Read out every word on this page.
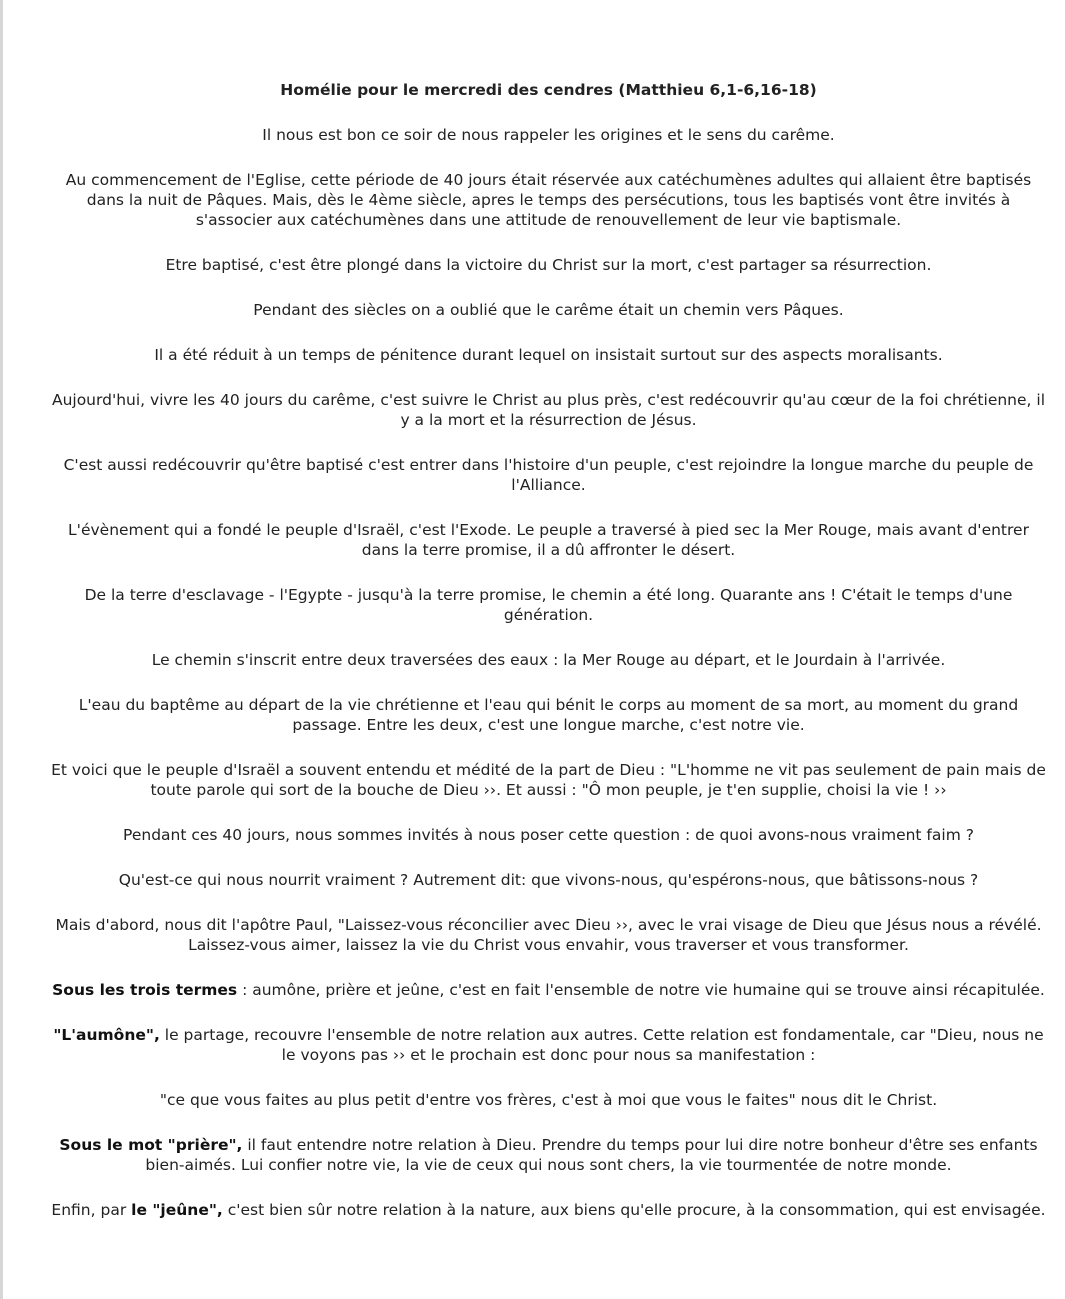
Homélie pour le mercredi des cendres (Matthieu 6,1-6,16-18)
Il nous est bon ce soir de nous rappeler les origines et le sens du carême.
Au commencement de l'Eglise, cette période de 40 jours était réservée aux catéchumènes adultes qui allaient être baptisés dans la nuit de Pâques. Mais, dès le 4ème siècle, apres le temps des persécutions, tous les baptisés vont être invités à s'associer aux catéchumènes dans une attitude de renouvellement de leur vie baptismale.
Etre baptisé, c'est être plongé dans la victoire du Christ sur la mort, c'est partager sa résurrection.
Pendant des siècles on a oublié que le carême était un chemin vers Pâques.
Il a été réduit à un temps de pénitence durant lequel on insistait surtout sur des aspects moralisants.
Aujourd'hui, vivre les 40 jours du carême, c'est suivre le Christ au plus près, c'est redécouvrir qu'au cœur de la foi chrétienne, il y a la mort et la résurrection de Jésus.
C'est aussi redécouvrir qu'être baptisé c'est entrer dans l'histoire d'un peuple, c'est rejoindre la longue marche du peuple de l'Alliance.
L'évènement qui a fondé le peuple d'Israël, c'est l'Exode. Le peuple a traversé à pied sec la Mer Rouge, mais avant d'entrer dans la terre promise, il a dû affronter le désert.
De la terre d'esclavage - l'Egypte - jusqu'à la terre promise, le chemin a été long. Quarante ans ! C'était le temps d'une génération.
Le chemin s'inscrit entre deux traversées des eaux : la Mer Rouge au départ, et le Jourdain à l'arrivée.
L'eau du baptême au départ de la vie chrétienne et l'eau qui bénit le corps au moment de sa mort, au moment du grand passage. Entre les deux, c'est une longue marche, c'est notre vie.
Et voici que le peuple d'Israël a souvent entendu et médité de la part de Dieu : "L'homme ne vit pas seulement de pain mais de toute parole qui sort de la bouche de Dieu ››. Et aussi : "Ô mon peuple, je t'en supplie, choisi la vie ! ››
Pendant ces 40 jours, nous sommes invités à nous poser cette question : de quoi avons-nous vraiment faim ?
Qu'est-ce qui nous nourrit vraiment ? Autrement dit: que vivons-nous, qu'espérons-nous, que bâtissons-nous ?
Mais d'abord, nous dit l'apôtre Paul, "Laissez-vous réconcilier avec Dieu ››, avec le vrai visage de Dieu que Jésus nous a révélé. Laissez-vous aimer, laissez la vie du Christ vous envahir, vous traverser et vous transformer.
Sous les trois termes : aumône, prière et jeûne, c'est en fait l'ensemble de notre vie humaine qui se trouve ainsi récapitulée.
"L'aumône", le partage, recouvre l'ensemble de notre relation aux autres. Cette relation est fondamentale, car "Dieu, nous ne le voyons pas ›› et le prochain est donc pour nous sa manifestation :
"ce que vous faites au plus petit d'entre vos frères, c'est à moi que vous le faites" nous dit le Christ.
Sous le mot "prière", il faut entendre notre relation à Dieu. Prendre du temps pour lui dire notre bonheur d'être ses enfants bien-aimés. Lui confier notre vie, la vie de ceux qui nous sont chers, la vie tourmentée de notre monde.
Enfin, par le "jeûne", c'est bien sûr notre relation à la nature, aux biens qu'elle procure, à la consommation, qui est envisagée.
